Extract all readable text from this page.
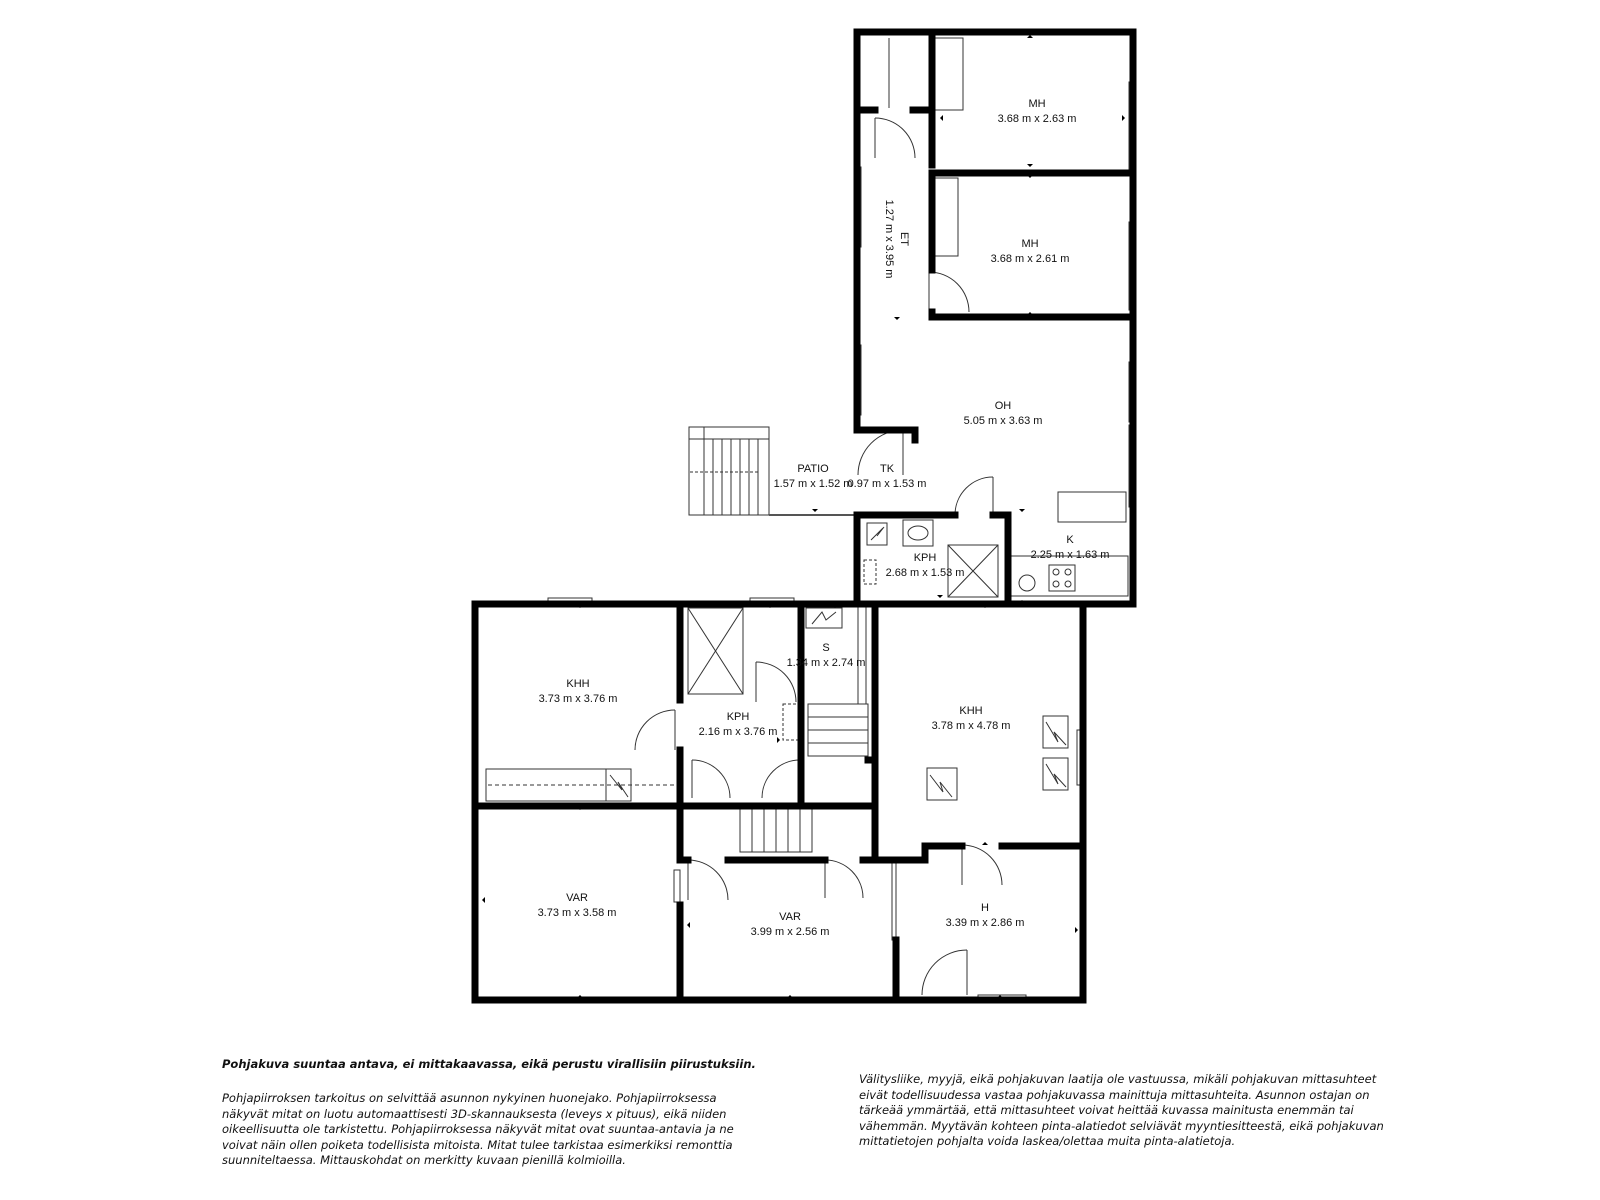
MH
3.68 m x 2.63 m
ET
1.27 m x 3.95 m	MH
3.68 m x 2.61 m
OH
5.05 m x 3.63 m
PATIO
1.57 m x 1.52 m
TK
0.97 m x 1.53 m
K
2.25 m x 1.63 m
KPH
2.68 m x 1.53 m
KHH
3.73 m x 3.76 m
S
1.34 m x 2.74 m
KPH
2.16 m x 3.76 m
KHH
3.78 m x 4.78 m
VAR
3.73 m x 3.58 m	VAR
3.99 m x 2.56 m
H
3.39 m x 2.86 m

Pohjakuva suuntaa antava, ei mittakaavassa, eikä perustu virallisiin piirustuksiin.

Pohjapiirroksen tarkoitus on selvittää asunnon nykyinen huonejako. Pohjapiirroksessa näkyvät mitat on luotu automaattisesti 3D-skannauksesta (leveys x pituus), eikä niiden oikeellisuutta ole tarkistettu. Pohjapiirroksessa näkyvät mitat ovat suuntaa-antavia ja ne voivat näin ollen poiketa todellisista mitoista. Mitat tulee tarkistaa esimerkiksi remonttia suunniteltaessa. Mittauskohdat on merkitty kuvaan pienillä kolmioilla.

Välitysliike, myyjä, eikä pohjakuvan laatija ole vastuussa, mikäli pohjakuvan mittasuhteet eivät todellisuudessa vastaa pohjakuvassa mainittuja mittasuhteita. Asunnon ostajan on tärkeää ymmärtää, että mittasuhteet voivat heittää kuvassa mainitusta enemmän tai vähemmän. Myytävän kohteen pinta-alatiedot selviävät myyntiesitteestä, eikä pohjakuvan mittatietojen pohjalta voida laskea/olettaa muita pinta-alatietoja.
